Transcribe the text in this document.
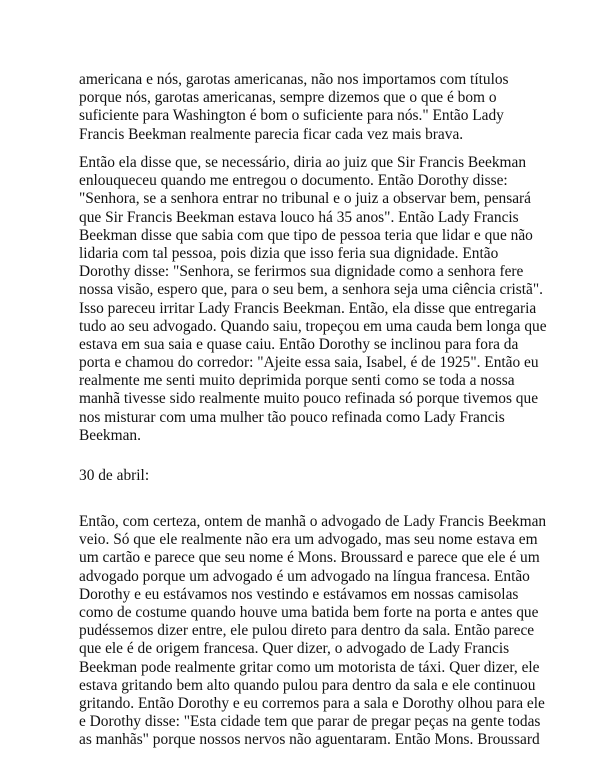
americana e nós, garotas americanas, não nos importamos com títulos
porque nós, garotas americanas, sempre dizemos que o que é bom o
suficiente para Washington é bom o suficiente para nós." Então Lady
Francis Beekman realmente parecia ficar cada vez mais brava.
Então ela disse que, se necessário, diria ao juiz que Sir Francis Beekman
enlouqueceu quando me entregou o documento. Então Dorothy disse:
"Senhora, se a senhora entrar no tribunal e o juiz a observar bem, pensará
que Sir Francis Beekman estava louco há 35 anos". Então Lady Francis
Beekman disse que sabia com que tipo de pessoa teria que lidar e que não
lidaria com tal pessoa, pois dizia que isso feria sua dignidade. Então
Dorothy disse: "Senhora, se ferirmos sua dignidade como a senhora fere
nossa visão, espero que, para o seu bem, a senhora seja uma ciência cristã".
Isso pareceu irritar Lady Francis Beekman. Então, ela disse que entregaria
tudo ao seu advogado. Quando saiu, tropeçou em uma cauda bem longa que
estava em sua saia e quase caiu. Então Dorothy se inclinou para fora da
porta e chamou do corredor: "Ajeite essa saia, Isabel, é de 1925". Então eu
realmente me senti muito deprimida porque senti como se toda a nossa
manhã tivesse sido realmente muito pouco refinada só porque tivemos que
nos misturar com uma mulher tão pouco refinada como Lady Francis
Beekman.
30 de abril:
Então, com certeza, ontem de manhã o advogado de Lady Francis Beekman
veio. Só que ele realmente não era um advogado, mas seu nome estava em
um cartão e parece que seu nome é Mons. Broussard e parece que ele é um
advogado porque um advogado é um advogado na língua francesa. Então
Dorothy e eu estávamos nos vestindo e estávamos em nossas camisolas
como de costume quando houve uma batida bem forte na porta e antes que
pudéssemos dizer entre, ele pulou direto para dentro da sala. Então parece
que ele é de origem francesa. Quer dizer, o advogado de Lady Francis
Beekman pode realmente gritar como um motorista de táxi. Quer dizer, ele
estava gritando bem alto quando pulou para dentro da sala e ele continuou
gritando. Então Dorothy e eu corremos para a sala e Dorothy olhou para ele
e Dorothy disse: "Esta cidade tem que parar de pregar peças na gente todas
as manhãs" porque nossos nervos não aguentaram. Então Mons. Broussard
